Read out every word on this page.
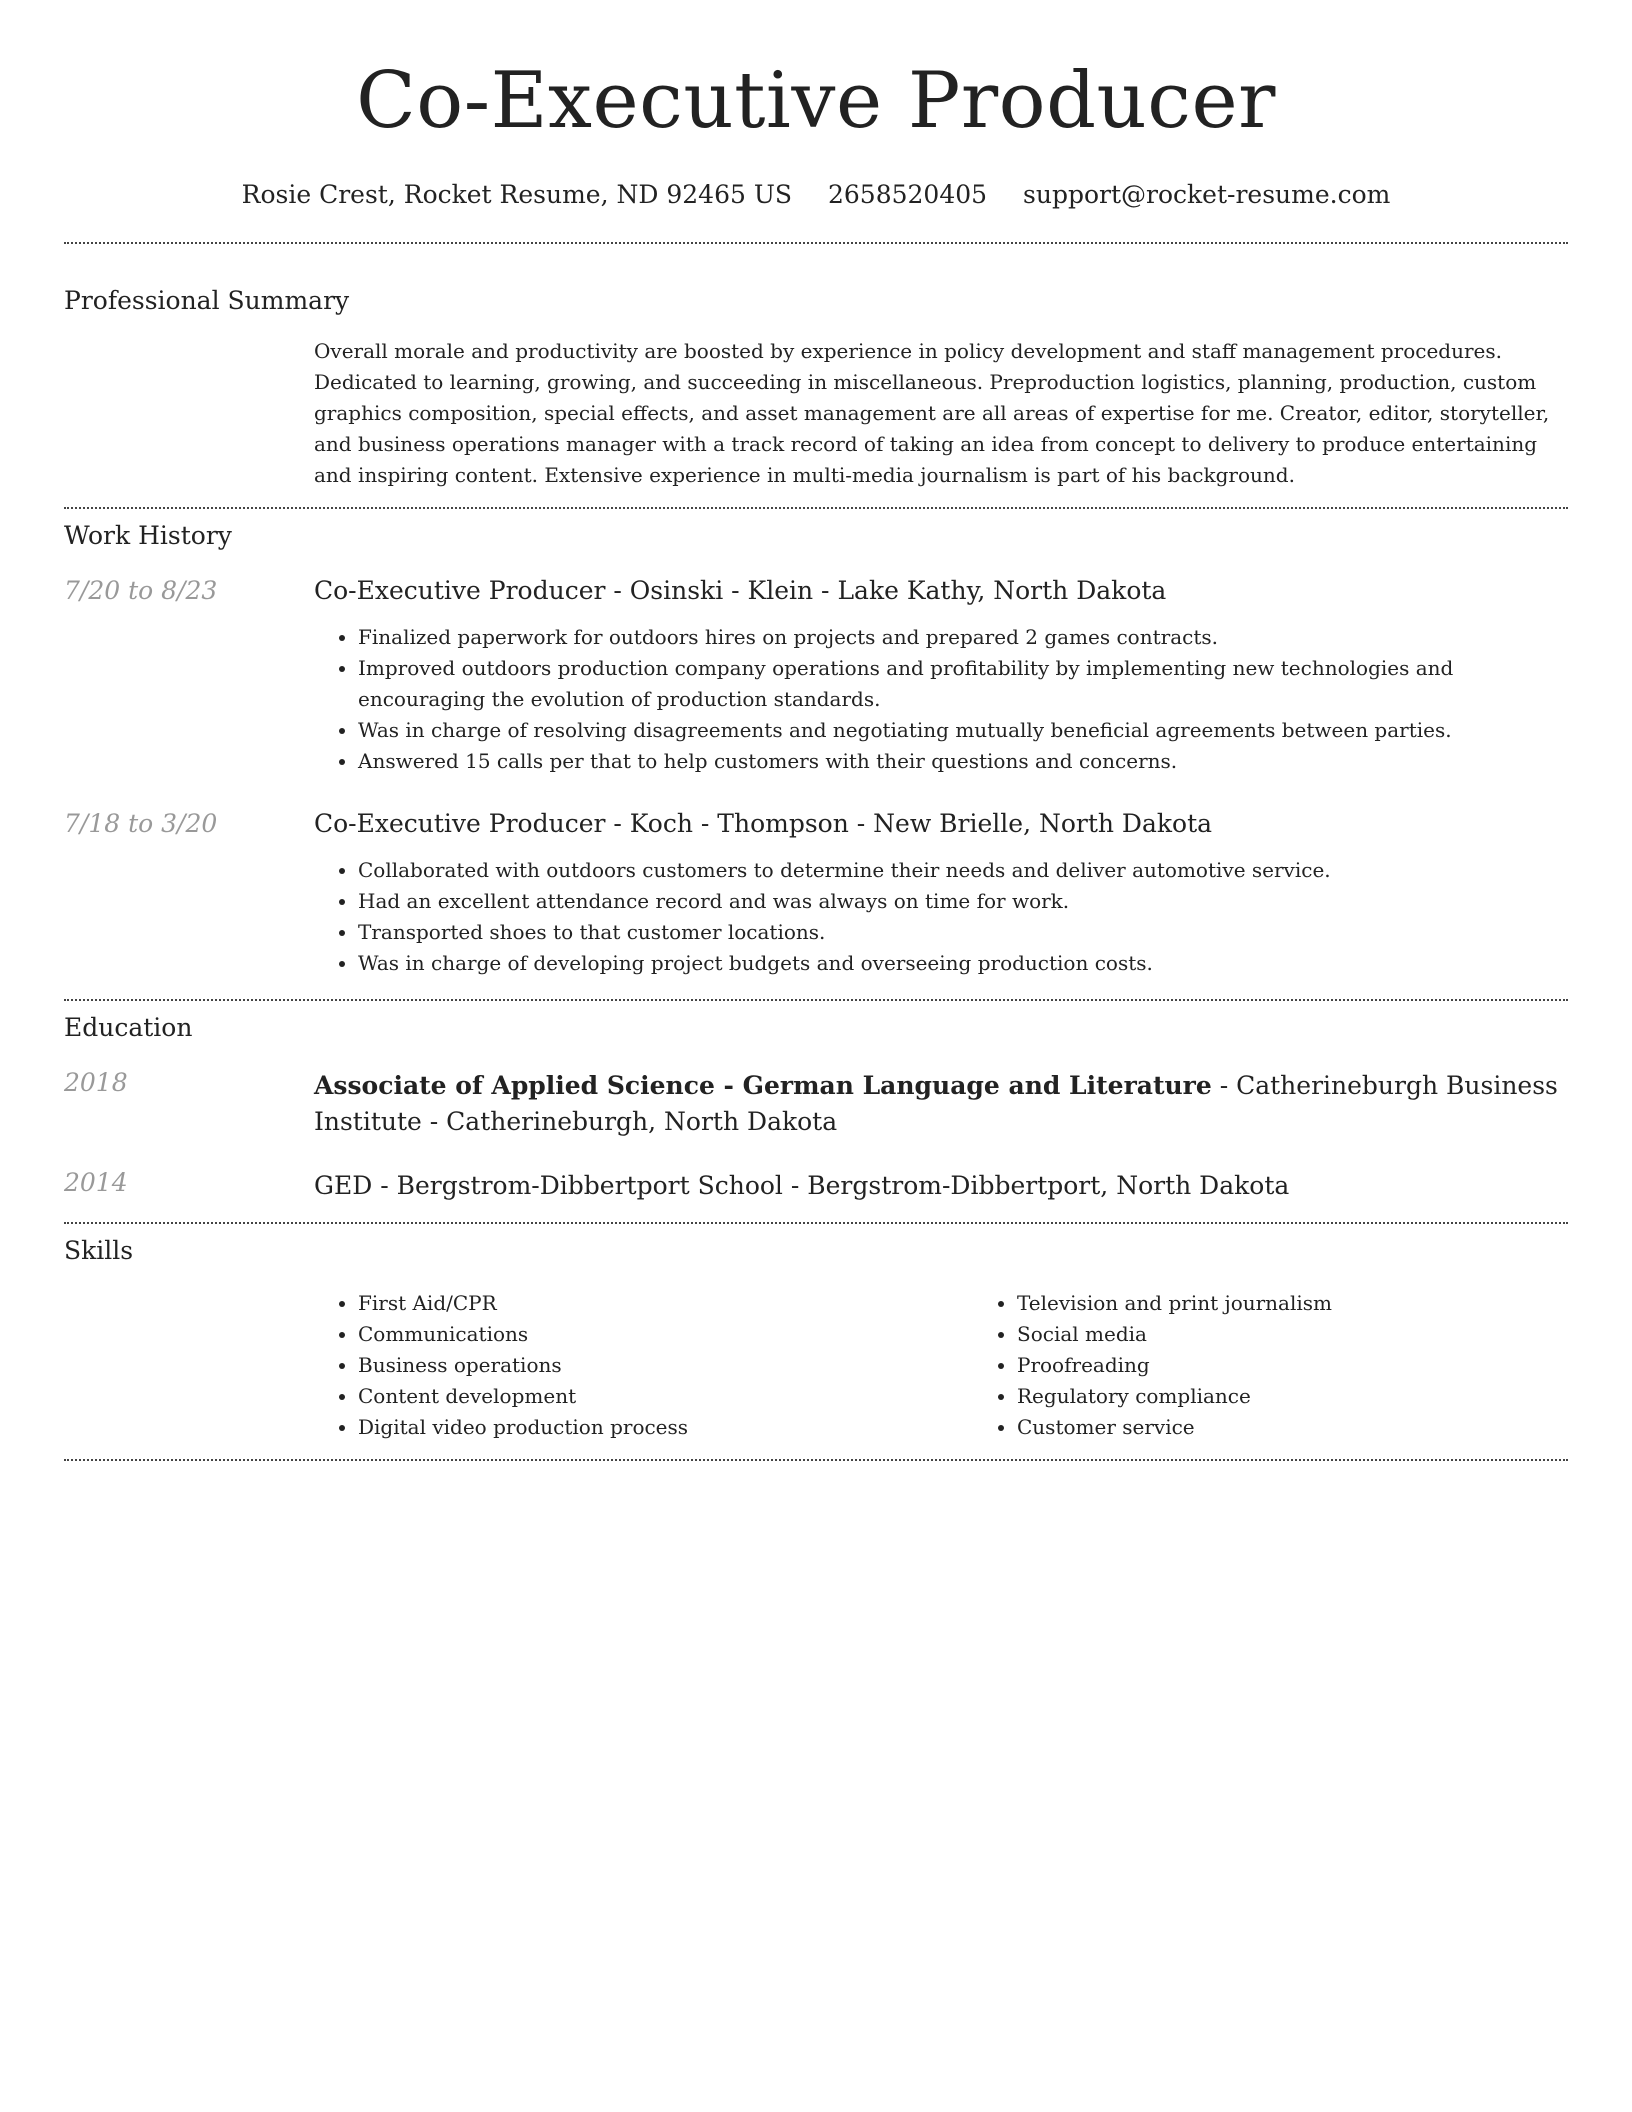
Co-Executive Producer
Rosie Crest, Rocket Resume, ND 92465 US 2658520405 support@rocket-resume.com
Professional Summary

Overall morale and productivity are boosted by experience in policy development and staff management procedures. Dedicated to learning, growing, and succeeding in miscellaneous. Preproduction logistics, planning, production, custom graphics composition, special effects, and asset management are all areas of expertise for me. Creator, editor, storyteller, and business operations manager with a track record of taking an idea from concept to delivery to produce entertaining and inspiring content. Extensive experience in multi-media journalism is part of his background.

Work History
7/20 to 8/23	Co-Executive Producer - Osinski - Klein - Lake Kathy, North Dakota

• Finalized paperwork for outdoors hires on projects and prepared 2 games contracts.
• Improved outdoors production company operations and profitability by implementing new technologies and encouraging the evolution of production standards.
• Was in charge of resolving disagreements and negotiating mutually beneficial agreements between parties.
• Answered 15 calls per that to help customers with their questions and concerns.
7/18 to 3/20	Co-Executive Producer - Koch - Thompson - New Brielle, North Dakota

• Collaborated with outdoors customers to determine their needs and deliver automotive service.
• Had an excellent attendance record and was always on time for work.
• Transported shoes to that customer locations.
• Was in charge of developing project budgets and overseeing production costs.
Education
2018	Associate of Applied Science - German Language and Literature - Catherineburgh Business Institute - Catherineburgh, North Dakota

2014	GED - Bergstrom-Dibbertport School - Bergstrom-Dibbertport, North Dakota

Skills
• First Aid/CPR
• Communications
• Business operations
• Content development
• Digital video production process
• Television and print journalism
• Social media
• Proofreading
• Regulatory compliance
• Customer service
